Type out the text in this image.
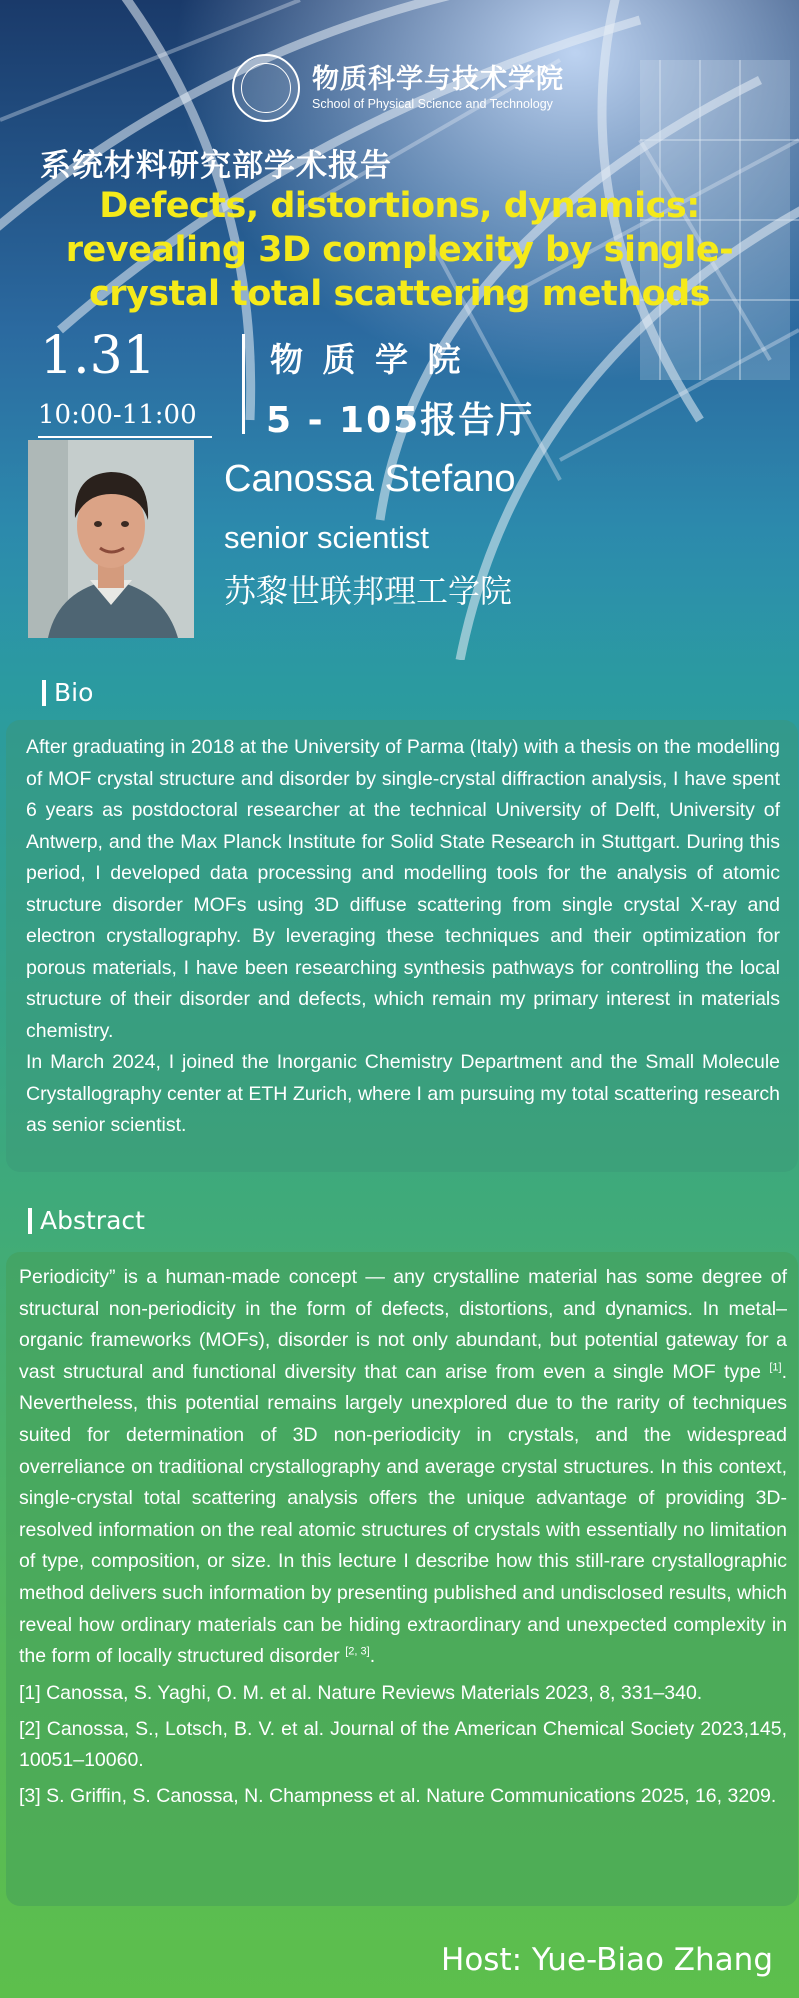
物质科学与技术学院
School of Physical Science and Technology
系统材料研究部学术报告
Defects, distortions, dynamics: revealing 3D complexity by single-crystal total scattering methods
1.31
10:00-11:00
物 质 学 院
5 - 105报告厅
Canossa Stefano
senior scientist
苏黎世联邦理工学院
Bio

After graduating in 2018 at the University of Parma (Italy) with a thesis on the modelling of MOF crystal structure and disorder by single-crystal diffraction analysis, I have spent 6 years as postdoctoral researcher at the technical University of Delft, University of Antwerp, and the Max Planck Institute for Solid State Research in Stuttgart. During this period, I developed data processing and modelling tools for the analysis of atomic structure disorder MOFs using 3D diffuse scattering from single crystal X-ray and electron crystallography. By leveraging these techniques and their optimization for porous materials, I have been researching synthesis pathways for controlling the local structure of their disorder and defects, which remain my primary interest in materials chemistry.

In March 2024, I joined the Inorganic Chemistry Department and the Small Molecule Crystallography center at ETH Zurich, where I am pursuing my total scattering research as senior scientist.

Abstract

Periodicity” is a human-made concept — any crystalline material has some degree of structural non-periodicity in the form of defects, distortions, and dynamics. In metal–organic frameworks (MOFs), disorder is not only abundant, but potential gateway for a vast structural and functional diversity that can arise from even a single MOF type [1]. Nevertheless, this potential remains largely unexplored due to the rarity of techniques suited for determination of 3D non-periodicity in crystals, and the widespread overreliance on traditional crystallography and average crystal structures. In this context, single-crystal total scattering analysis offers the unique advantage of providing 3D-resolved information on the real atomic structures of crystals with essentially no limitation of type, composition, or size. In this lecture I describe how this still-rare crystallographic method delivers such information by presenting published and undisclosed results, which reveal how ordinary materials can be hiding extraordinary and unexpected complexity in the form of locally structured disorder [2, 3].

[1] Canossa, S. Yaghi, O. M. et al. Nature Reviews Materials 2023, 8, 331–340.

[2] Canossa, S., Lotsch, B. V. et al. Journal of the American Chemical Society 2023,145, 10051–10060.

[3] S. Griffin, S. Canossa, N. Champness et al. Nature Communications 2025, 16, 3209.

Host: Yue-Biao Zhang
